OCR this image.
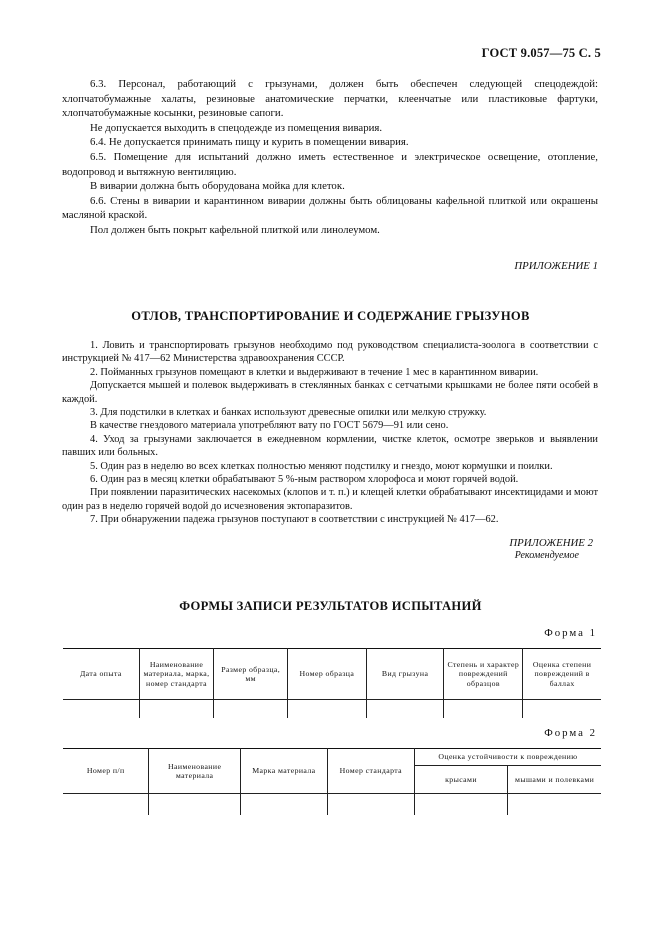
ГОСТ 9.057—75 С. 5

6.3. Персонал, работающий с грызунами, должен быть обеспечен следующей спецодеждой: хлопчатобумажные халаты, резиновые анатомические перчатки, клеенчатые или пластиковые фартуки, хлопчатобумажные косынки, резиновые сапоги.

Не допускается выходить в спецодежде из помещения вивария.

6.4. Не допускается принимать пищу и курить в помещении вивария.

6.5. Помещение для испытаний должно иметь естественное и электрическое освещение, отопление, водопровод и вытяжную вентиляцию.

В виварии должна быть оборудована мойка для клеток.

6.6. Стены в виварии и карантинном виварии должны быть облицованы кафельной плиткой или окрашены масляной краской.

Пол должен быть покрыт кафельной плиткой или линолеумом.

ПРИЛОЖЕНИЕ 1
ОТЛОВ, ТРАНСПОРТИРОВАНИЕ И СОДЕРЖАНИЕ ГРЫЗУНОВ

1. Ловить и транспортировать грызунов необходимо под руководством специалиста-зоолога в соответствии с инструкцией № 417—62 Министерства здравоохранения СССР.

2. Пойманных грызунов помещают в клетки и выдерживают в течение 1 мес в карантинном виварии.

Допускается мышей и полевок выдерживать в стеклянных банках с сетчатыми крышками не более пяти особей в каждой.

3. Для подстилки в клетках и банках используют древесные опилки или мелкую стружку.

В качестве гнездового материала употребляют вату по ГОСТ 5679—91 или сено.

4. Уход за грызунами заключается в ежедневном кормлении, чистке клеток, осмотре зверьков и выявлении павших или больных.

5. Один раз в неделю во всех клетках полностью меняют подстилку и гнездо, моют кормушки и поилки.

6. Один раз в месяц клетки обрабатывают 5 %-ным раствором хлорофоса и моют горячей водой.

При появлении паразитических насекомых (клопов и т. п.) и клещей клетки обрабатывают инсектицидами и моют один раз в неделю горячей водой до исчезновения эктопаразитов.

7. При обнаружении падежа грызунов поступают в соответствии с инструкцией № 417—62.

ПРИЛОЖЕНИЕ 2
Рекомендуемое
ФОРМЫ ЗАПИСИ РЕЗУЛЬТАТОВ ИСПЫТАНИЙ
Форма 1
Дата опыта	Наименование материала, марка, номер стандарта	Размер образца, мм	Номер образца	Вид грызуна	Степень и характер повреждений образцов	Оценка степени повреждений в баллах

Форма 2
Номер п/п	Наименование материала	Марка материала	Номер стандарта	Оценка устойчивости к повреждению	
				крысами	мышами и полевками
